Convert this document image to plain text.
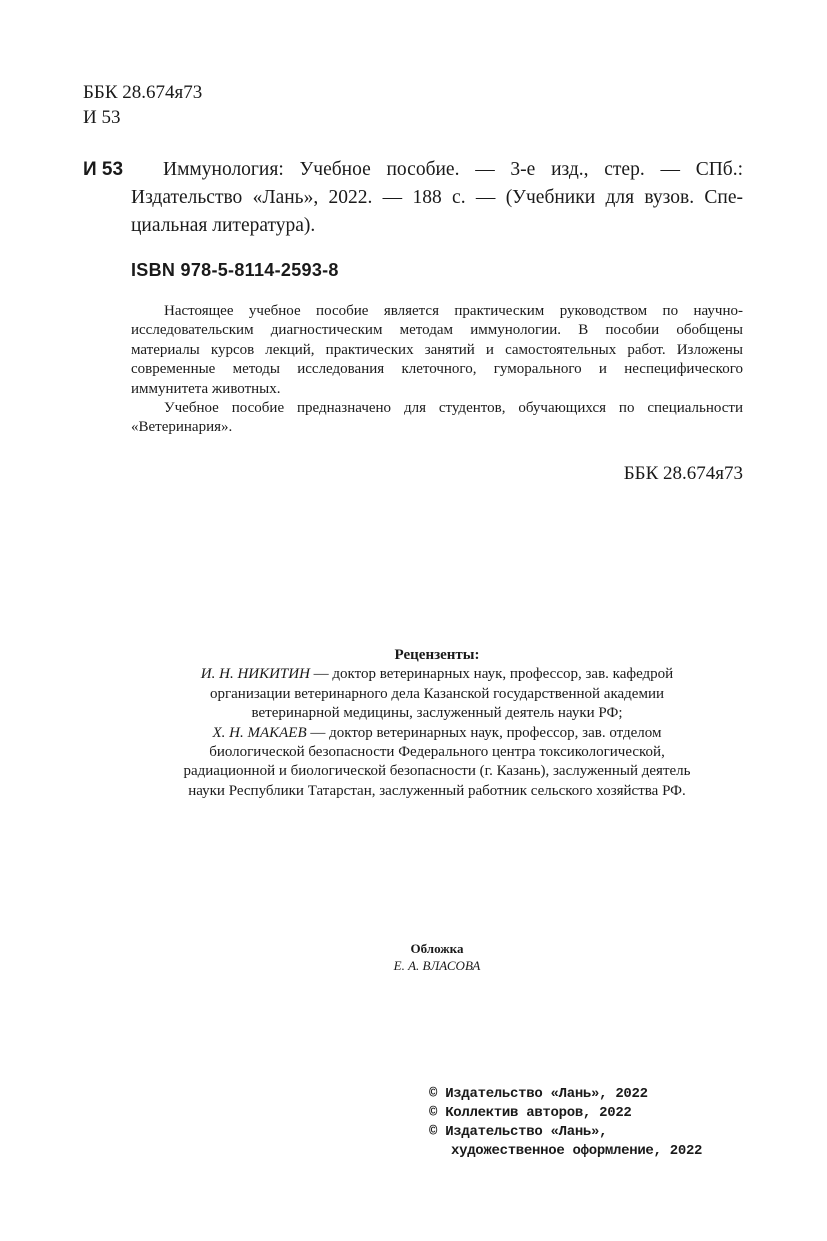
ББК 28.674я73
И 53
И 53	Иммунология: Учебное пособие. — 3-е изд., стер. — СПб.:
Издательство «Лань», 2022. — 188 с. — (Учебники для вузов. Спе-
циальная литература).
ISBN 978-5-8114-2593-8
Настоящее учебное пособие является практическим руководством по научно-
исследовательским диагностическим методам иммунологии. В пособии обобщены
материалы курсов лекций, практических занятий и самостоятельных работ. Изложены
современные методы исследования клеточного, гуморального и неспецифического
иммунитета животных.
Учебное пособие предназначено для студентов, обучающихся по специальности
«Ветеринария».
ББК 28.674я73
Рецензенты:
И. Н. НИКИТИН — доктор ветеринарных наук, профессор, зав. кафедрой
организации ветеринарного дела Казанской государственной академии
ветеринарной медицины, заслуженный деятель науки РФ;
Х. Н. МАКАЕВ — доктор ветеринарных наук, профессор, зав. отделом
биологической безопасности Федерального центра токсикологической,
радиационной и биологической безопасности (г. Казань), заслуженный деятель
науки Республики Татарстан, заслуженный работник сельского хозяйства РФ.
Обложка
Е. А. ВЛАСОВА
© Издательство «Лань», 2022
© Коллектив авторов, 2022
© Издательство «Лань»,
художественное оформление, 2022
